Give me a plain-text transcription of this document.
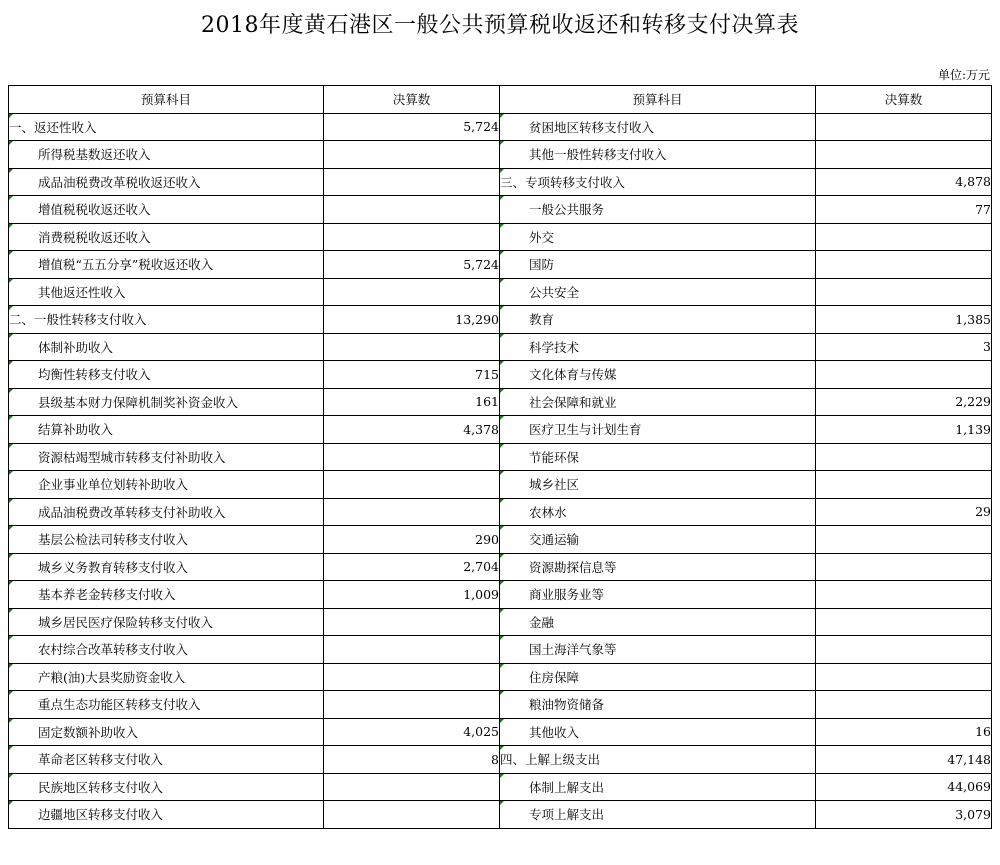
2018年度黄石港区一般公共预算税收返还和转移支付决算表
单位:万元
预算科目	决算数	预算科目	决算数
一、返还性收入	5,724	贫困地区转移支付收入	
所得税基数返还收入		其他一般性转移支付收入	
成品油税费改革税收返还收入		三、专项转移支付收入	4,878
增值税税收返还收入		一般公共服务	77
消费税税收返还收入		外交	
增值税“五五分享”税收返还收入	5,724	国防	
其他返还性收入		公共安全	
二、一般性转移支付收入	13,290	教育	1,385
体制补助收入		科学技术	3
均衡性转移支付收入	715	文化体育与传媒	
县级基本财力保障机制奖补资金收入	161	社会保障和就业	2,229
结算补助收入	4,378	医疗卫生与计划生育	1,139
资源枯竭型城市转移支付补助收入		节能环保	
企业事业单位划转补助收入		城乡社区	
成品油税费改革转移支付补助收入		农林水	29
基层公检法司转移支付收入	290	交通运输	
城乡义务教育转移支付收入	2,704	资源勘探信息等	
基本养老金转移支付收入	1,009	商业服务业等	
城乡居民医疗保险转移支付收入		金融	
农村综合改革转移支付收入		国土海洋气象等	
产粮(油)大县奖励资金收入		住房保障	
重点生态功能区转移支付收入		粮油物资储备	
固定数额补助收入	4,025	其他收入	16
革命老区转移支付收入	8	四、上解上级支出	47,148
民族地区转移支付收入		体制上解支出	44,069
边疆地区转移支付收入		专项上解支出	3,079
